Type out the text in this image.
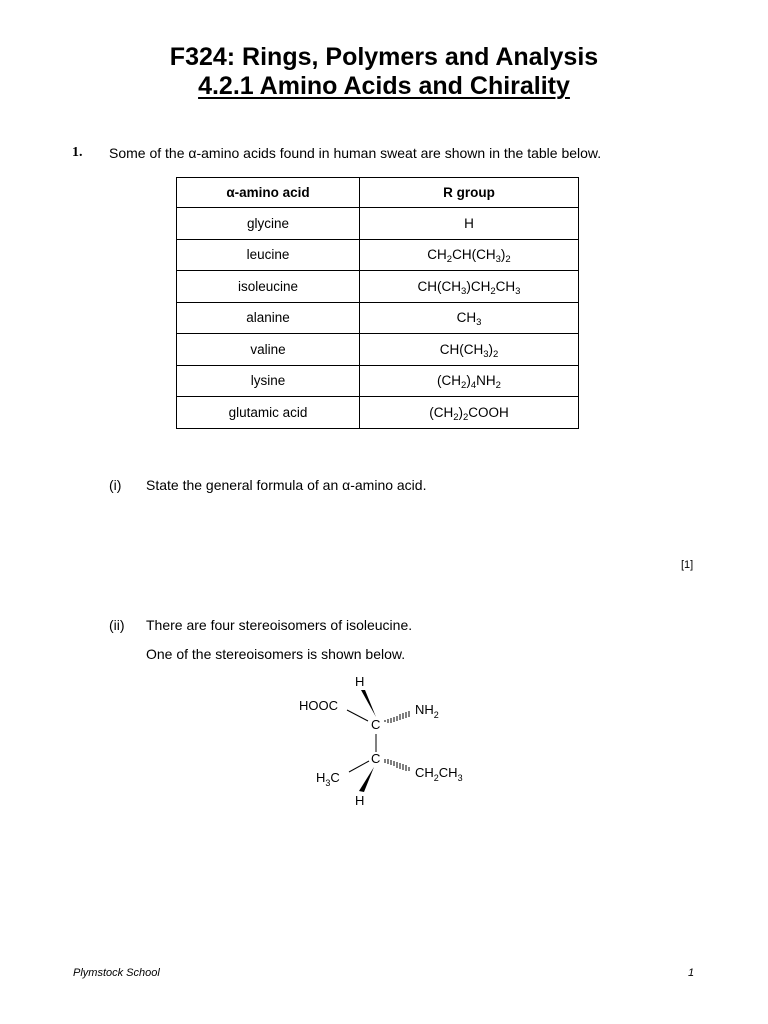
F324: Rings, Polymers and Analysis
4.2.1 Amino Acids and Chirality
1. Some of the α-amino acids found in human sweat are shown in the table below.
α-amino acid	R group
glycine	H
leucine	$CH_2CH(CH_3)_2$
isoleucine	$CH(CH_3)CH_2CH_3$
alanine	$CH_3$
valine	$CH(CH_3)_2$
lysine	$(CH_2)_4NH_2$
glutamic acid	$(CH_2)_2COOH$
(i) State the general formula of an α-amino acid.
[1]
(ii) There are four stereoisomers of isoleucine.
One of the stereoisomers is shown below.
H
HOOC
C
$NH_2$
C
$H_3C$	$CH_2CH_3$
H
Plymstock School	1
